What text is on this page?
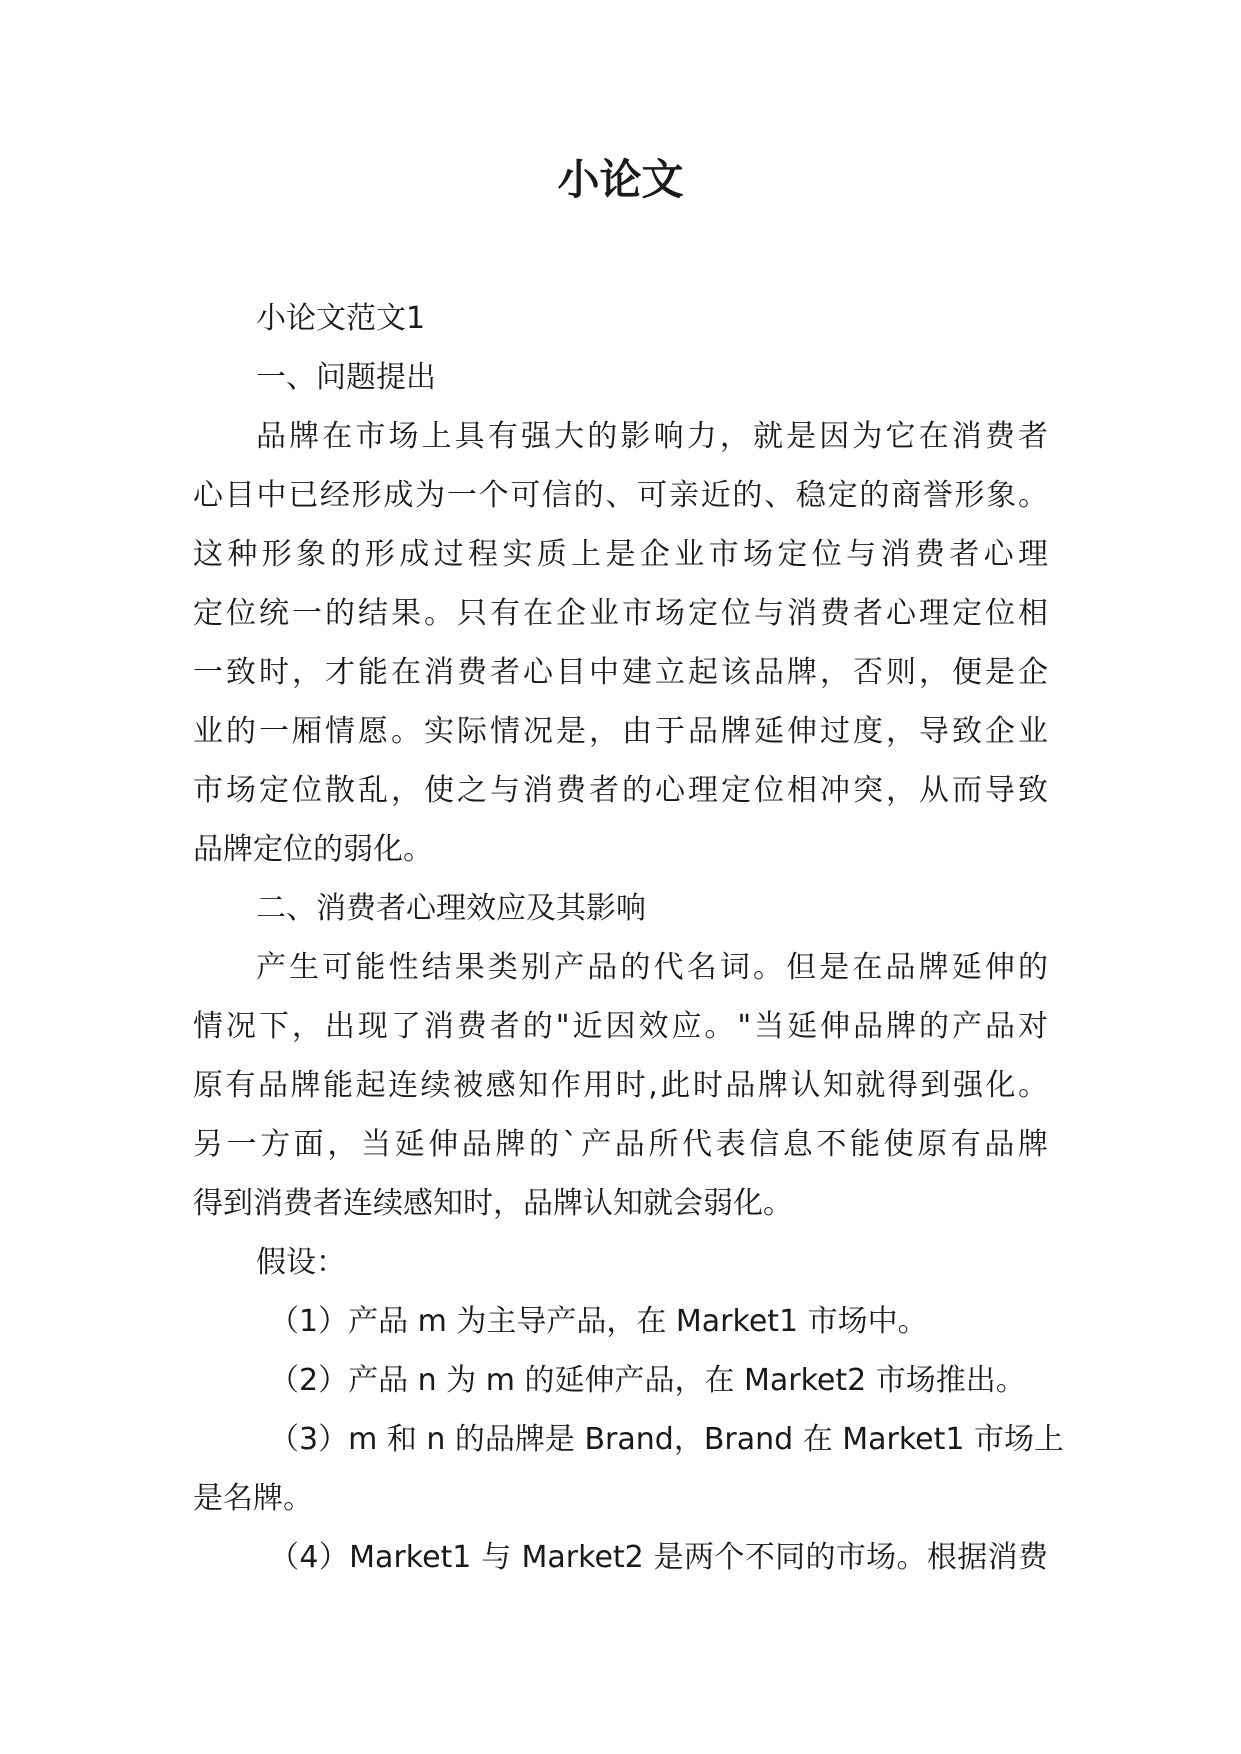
小论文
小论文范文1
一、问题提出
品牌在市场上具有强大的影响力，就是因为它在消费者
心目中已经形成为一个可信的、可亲近的、稳定的商誉形象。
这种形象的形成过程实质上是企业市场定位与消费者心理
定位统一的结果。只有在企业市场定位与消费者心理定位相
一致时，才能在消费者心目中建立起该品牌，否则，便是企
业的一厢情愿。实际情况是，由于品牌延伸过度，导致企业
市场定位散乱，使之与消费者的心理定位相冲突，从而导致
品牌定位的弱化。
二、消费者心理效应及其影响
产生可能性结果类别产品的代名词。但是在品牌延伸的
情况下，出现了消费者的"近因效应。"当延伸品牌的产品对
原有品牌能起连续被感知作用时,此时品牌认知就得到强化。
另一方面，当延伸品牌的`产品所代表信息不能使原有品牌
得到消费者连续感知时，品牌认知就会弱化。
假设：
（1）产品 m 为主导产品，在 Market1 市场中。
（2）产品 n 为 m 的延伸产品，在 Market2 市场推出。
（3）m 和 n 的品牌是 Brand，Brand 在 Market1 市场上
是名牌。
（4）Market1 与 Market2 是两个不同的市场。根据消费
